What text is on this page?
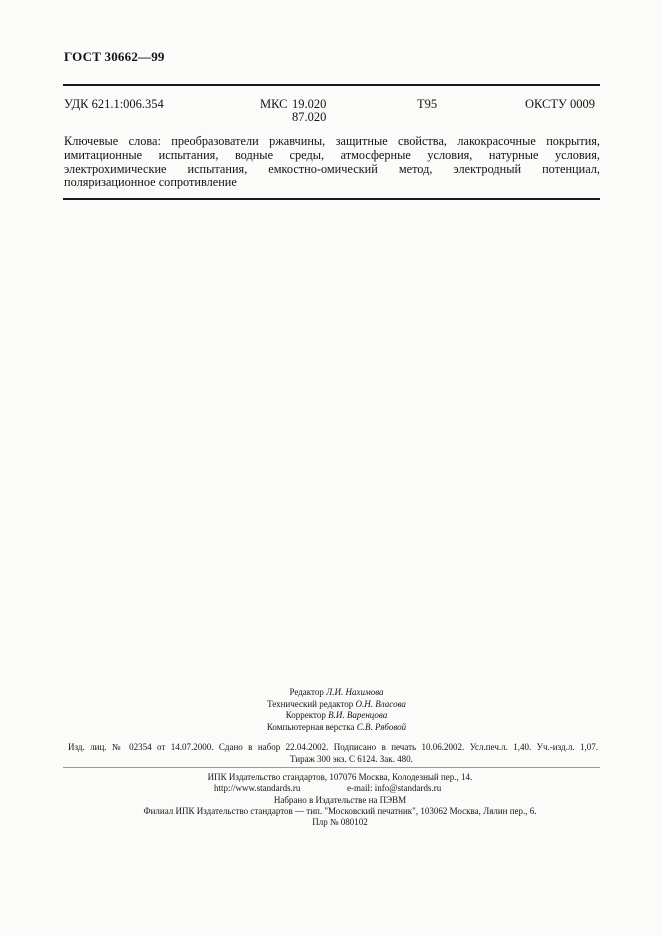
ГОСТ 30662—99
УДК 621.1:006.354	МКС 19.020
87.020
Т95	ОКСТУ 0009
Ключевые слова: преобразователи ржавчины, защитные свойства, лакокрасочные покрытия, имитационные испытания, водные среды, атмосферные условия, натурные условия, электрохимические испытания, емкостно-омический метод, электродный потенциал, поляризационное сопротивление
Редактор Л.И. Нахимова
Технический редактор О.Н. Власова
Корректор В.И. Варенцова
Компьютерная верстка С.В. Рябовой
Изд. лиц. № 02354 от 14.07.2000. Сдано в набор 22.04.2002. Подписано в печать 10.06.2002. Усл.печ.л. 1,40. Уч.-изд.л. 1,07.
Тираж 300 экз. С 6124. Зак. 480.
ИПК Издательство стандартов, 107076 Москва, Колодезный пер., 14.
http://www.standards.ru	e-mail: info@standards.ru
Набрано в Издательстве на ПЭВМ
Филиал ИПК Издательство стандартов — тип. "Московский печатник", 103062 Москва, Лялин пер., 6.
Плр № 080102
